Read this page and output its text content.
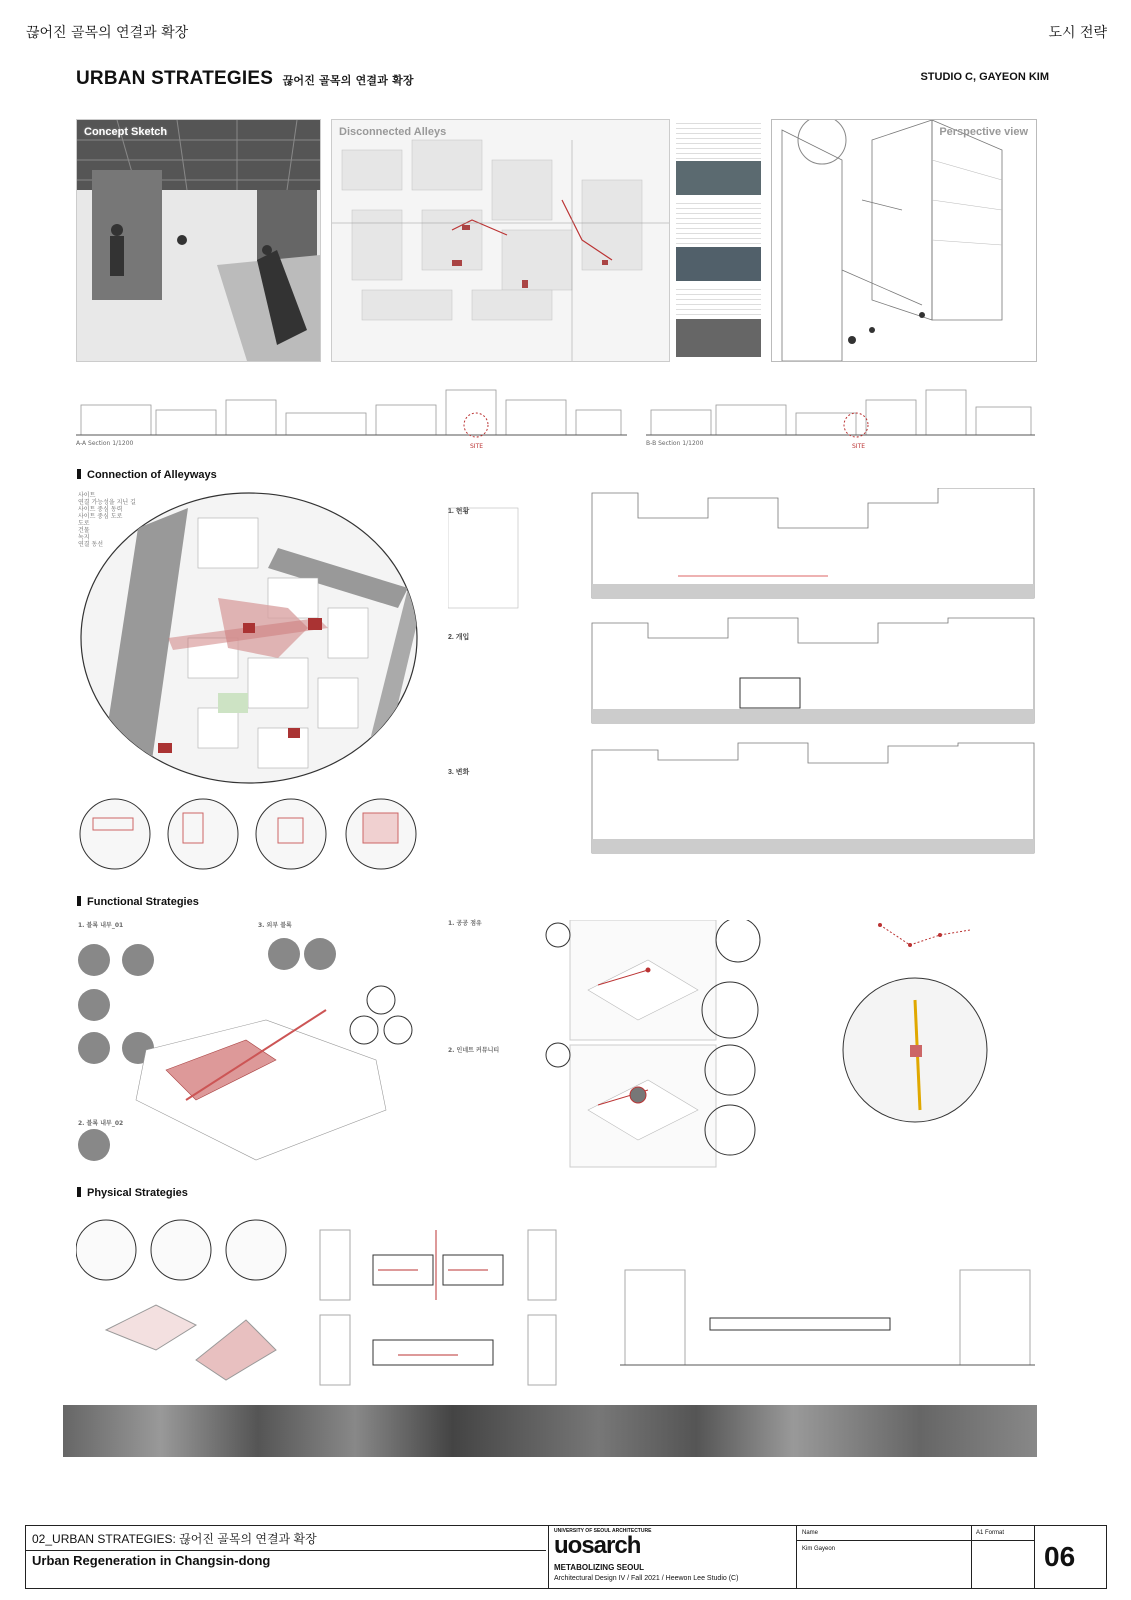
끊어진 골목의 연결과 확장	도시 전략
URBAN STRATEGIES 끊어진 골목의 연결과 확장	STUDIO C, GAYEON KIM
Concept Sketch	Disconnected Alleys	Perspective view
A-A Section 1/1200	SITE	B-B Section 1/1200	SITE
Connection of Alleyways
사이트
연결 가능성을 지닌 길
사이트 중심 동력
사이트 중심 도로
도로
건물
녹지
연결 동선
1. 현황
2. 개입
3. 변화
Functional Strategies
1. 블록 내부_01
2. 블록 내부_02
3. 외부 블록	1. 공공 점유
2. 인네트 커뮤니티
Physical Strategies
02_URBAN STRATEGIES: 끊어진 골목의 연결과 확장
Urban Regeneration in Changsin-dong
UNIVERSITY OF SEOUL ARCHITECTURE
uosarch
METABOLIZING SEOUL
Architectural Design IV / Fall 2021 / Heewon Lee Studio (C)
Name
Kim Gayeon
A1 Format
06
